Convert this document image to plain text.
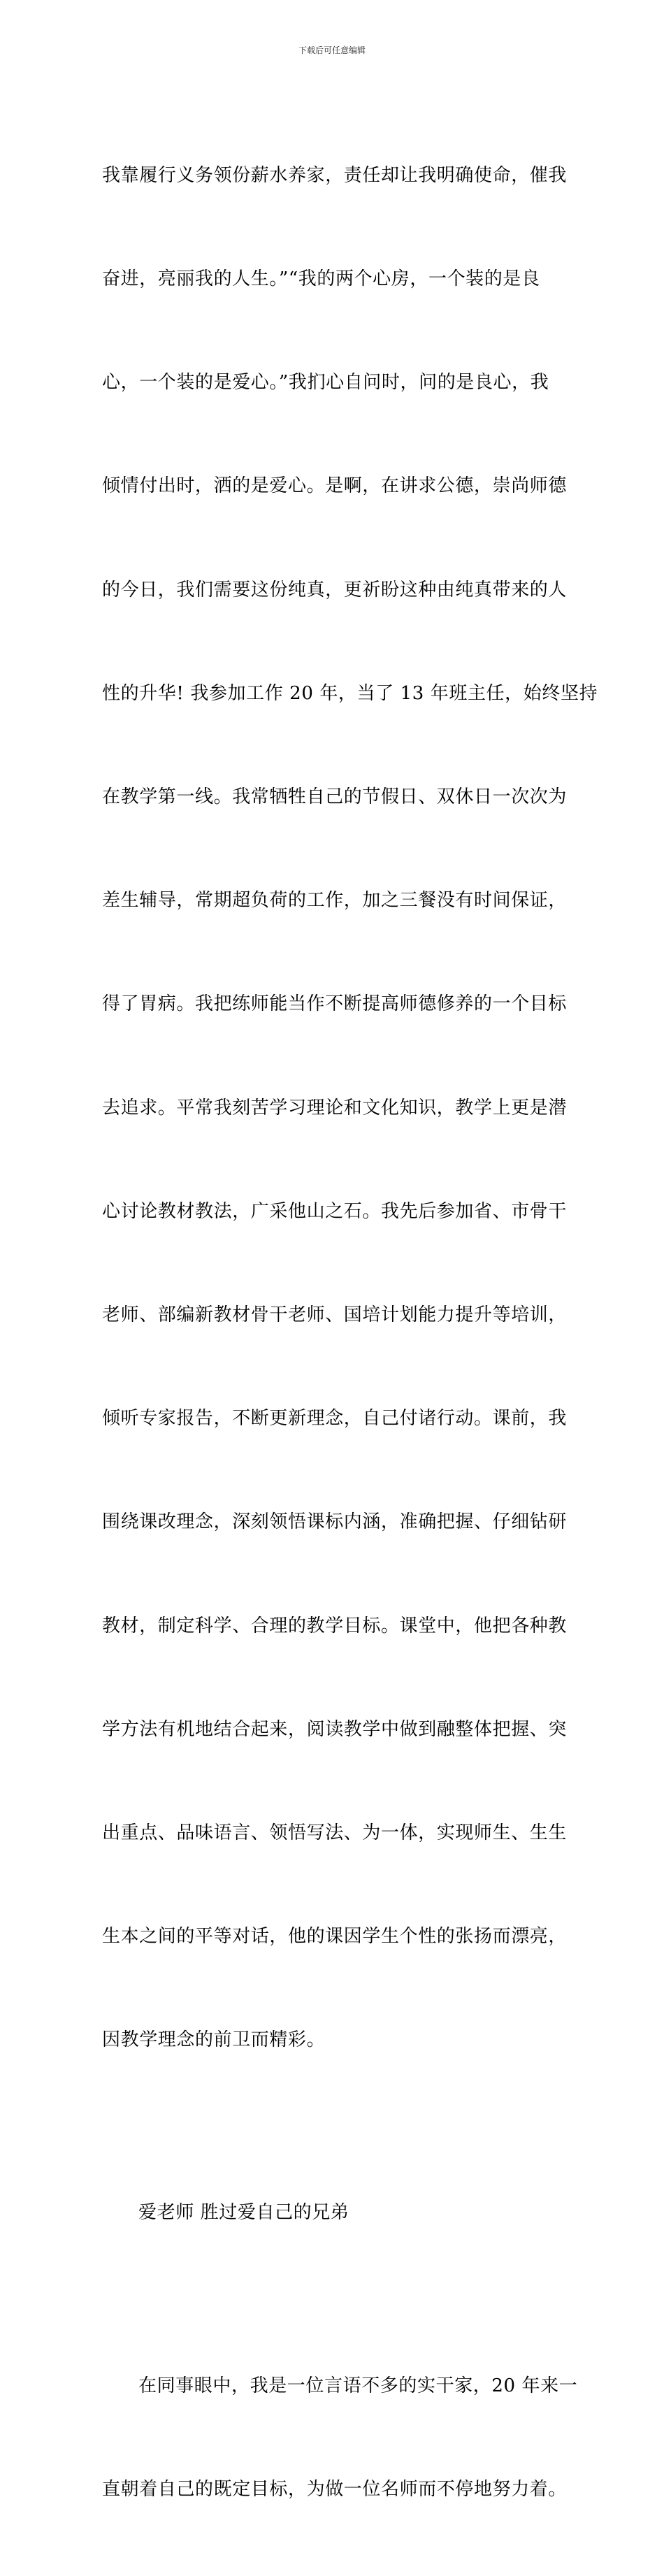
下载后可任意编辑

我靠履行义务领份薪水养家，责任却让我明确使命，催我

奋进，亮丽我的人生。”“我的两个心房，一个装的是良

心，一个装的是爱心。”我扪心自问时，问的是良心，我

倾情付出时，洒的是爱心。是啊，在讲求公德，崇尚师德

的今日，我们需要这份纯真，更祈盼这种由纯真带来的人

性的升华! 我参加工作 20 年，当了 13 年班主任，始终坚持

在教学第一线。我常牺牲自己的节假日、双休日一次次为

差生辅导，常期超负荷的工作，加之三餐没有时间保证，

得了胃病。我把练师能当作不断提高师德修养的一个目标

去追求。平常我刻苦学习理论和文化知识，教学上更是潜

心讨论教材教法，广采他山之石。我先后参加省、市骨干

老师、部编新教材骨干老师、国培计划能力提升等培训，

倾听专家报告，不断更新理念，自己付诸行动。课前，我

围绕课改理念，深刻领悟课标内涵，准确把握、仔细钻研

教材，制定科学、合理的教学目标。课堂中，他把各种教

学方法有机地结合起来，阅读教学中做到融整体把握、突

出重点、品味语言、领悟写法、为一体，实现师生、生生

生本之间的平等对话，他的课因学生个性的张扬而漂亮，

因教学理念的前卫而精彩。

爱老师 胜过爱自己的兄弟

在同事眼中，我是一位言语不多的实干家，20 年来一

直朝着自己的既定目标，为做一位名师而不停地努力着。
